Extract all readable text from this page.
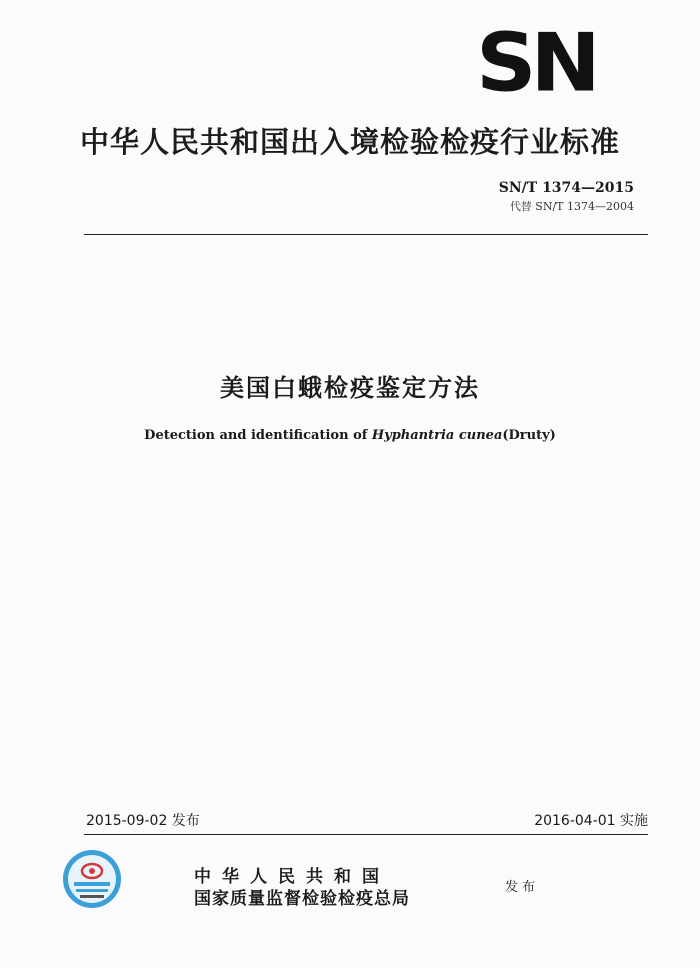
SN
中华人民共和国出入境检验检疫行业标准
SN/T 1374—2015
代替 SN/T 1374—2004
美国白蛾检疫鉴定方法
Detection and identification of Hyphantria cunea(Druty)
2015-09-02 发布	2016-04-01 实施
中华人民共和国
国家质量监督检验检疫总局
发布
